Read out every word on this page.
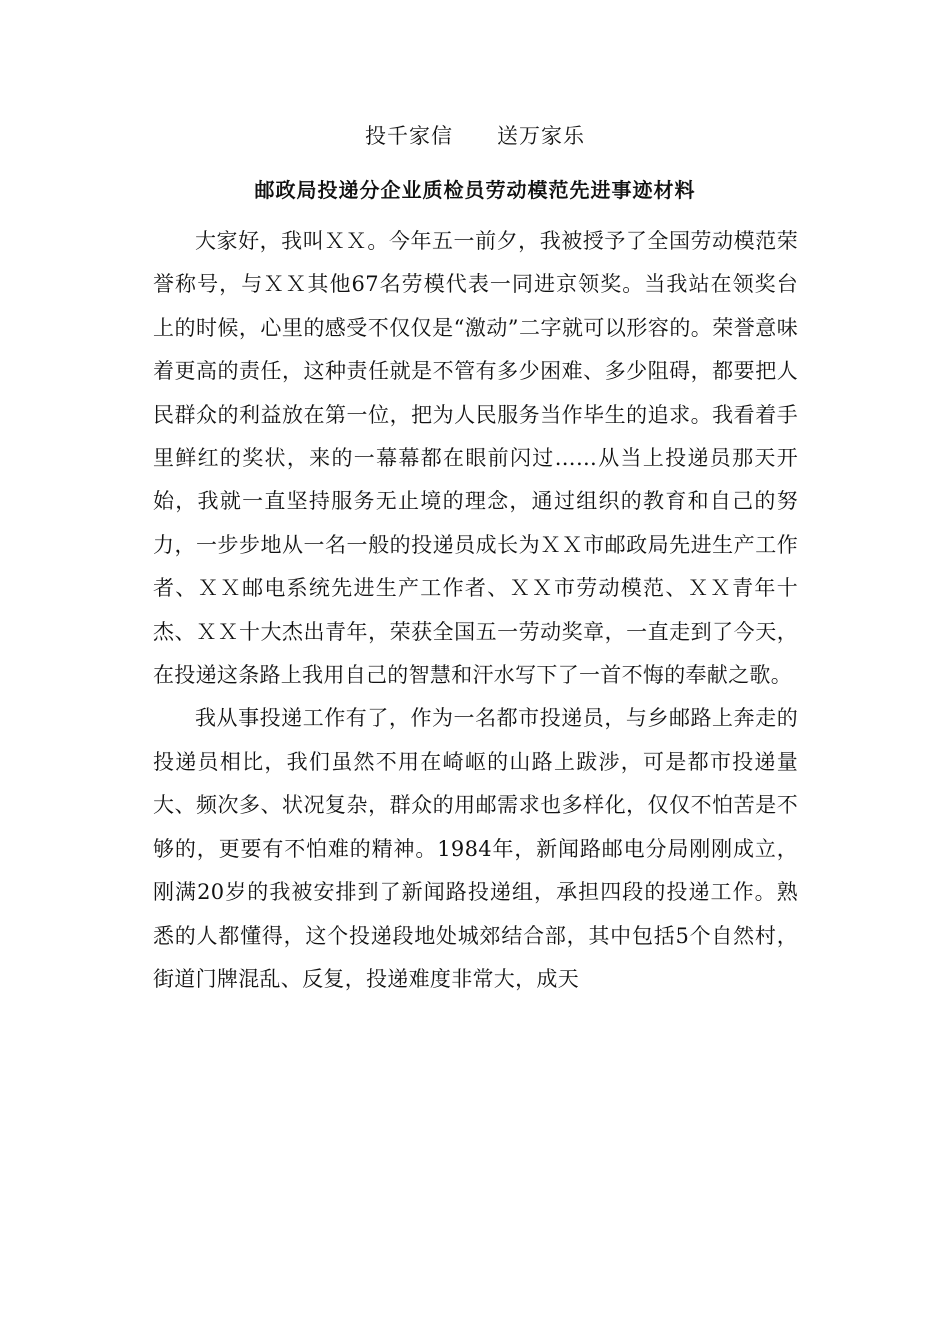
投千家信　　送万家乐
邮政局投递分企业质检员劳动模范先进事迹材料

大家好，我叫ＸＸ。今年五一前夕，我被授予了全国劳动模范荣誉称号，与ＸＸ其他67名劳模代表一同进京领奖。当我站在领奖台上的时候，心里的感受不仅仅是“激动”二字就可以形容的。荣誉意味着更高的责任，这种责任就是不管有多少困难、多少阻碍，都要把人民群众的利益放在第一位，把为人民服务当作毕生的追求。我看着手里鲜红的奖状，来的一幕幕都在眼前闪过……从当上投递员那天开始，我就一直坚持服务无止境的理念，通过组织的教育和自己的努力，一步步地从一名一般的投递员成长为ＸＸ市邮政局先进生产工作者、ＸＸ邮电系统先进生产工作者、ＸＸ市劳动模范、ＸＸ青年十杰、ＸＸ十大杰出青年，荣获全国五一劳动奖章，一直走到了今天，在投递这条路上我用自己的智慧和汗水写下了一首不悔的奉献之歌。

我从事投递工作有了，作为一名都市投递员，与乡邮路上奔走的投递员相比，我们虽然不用在崎岖的山路上跋涉，可是都市投递量大、频次多、状况复杂，群众的用邮需求也多样化，仅仅不怕苦是不够的，更要有不怕难的精神。1984年，新闻路邮电分局刚刚成立，刚满20岁的我被安排到了新闻路投递组，承担四段的投递工作。熟悉的人都懂得，这个投递段地处城郊结合部，其中包括5个自然村，街道门牌混乱、反复，投递难度非常大，成天
